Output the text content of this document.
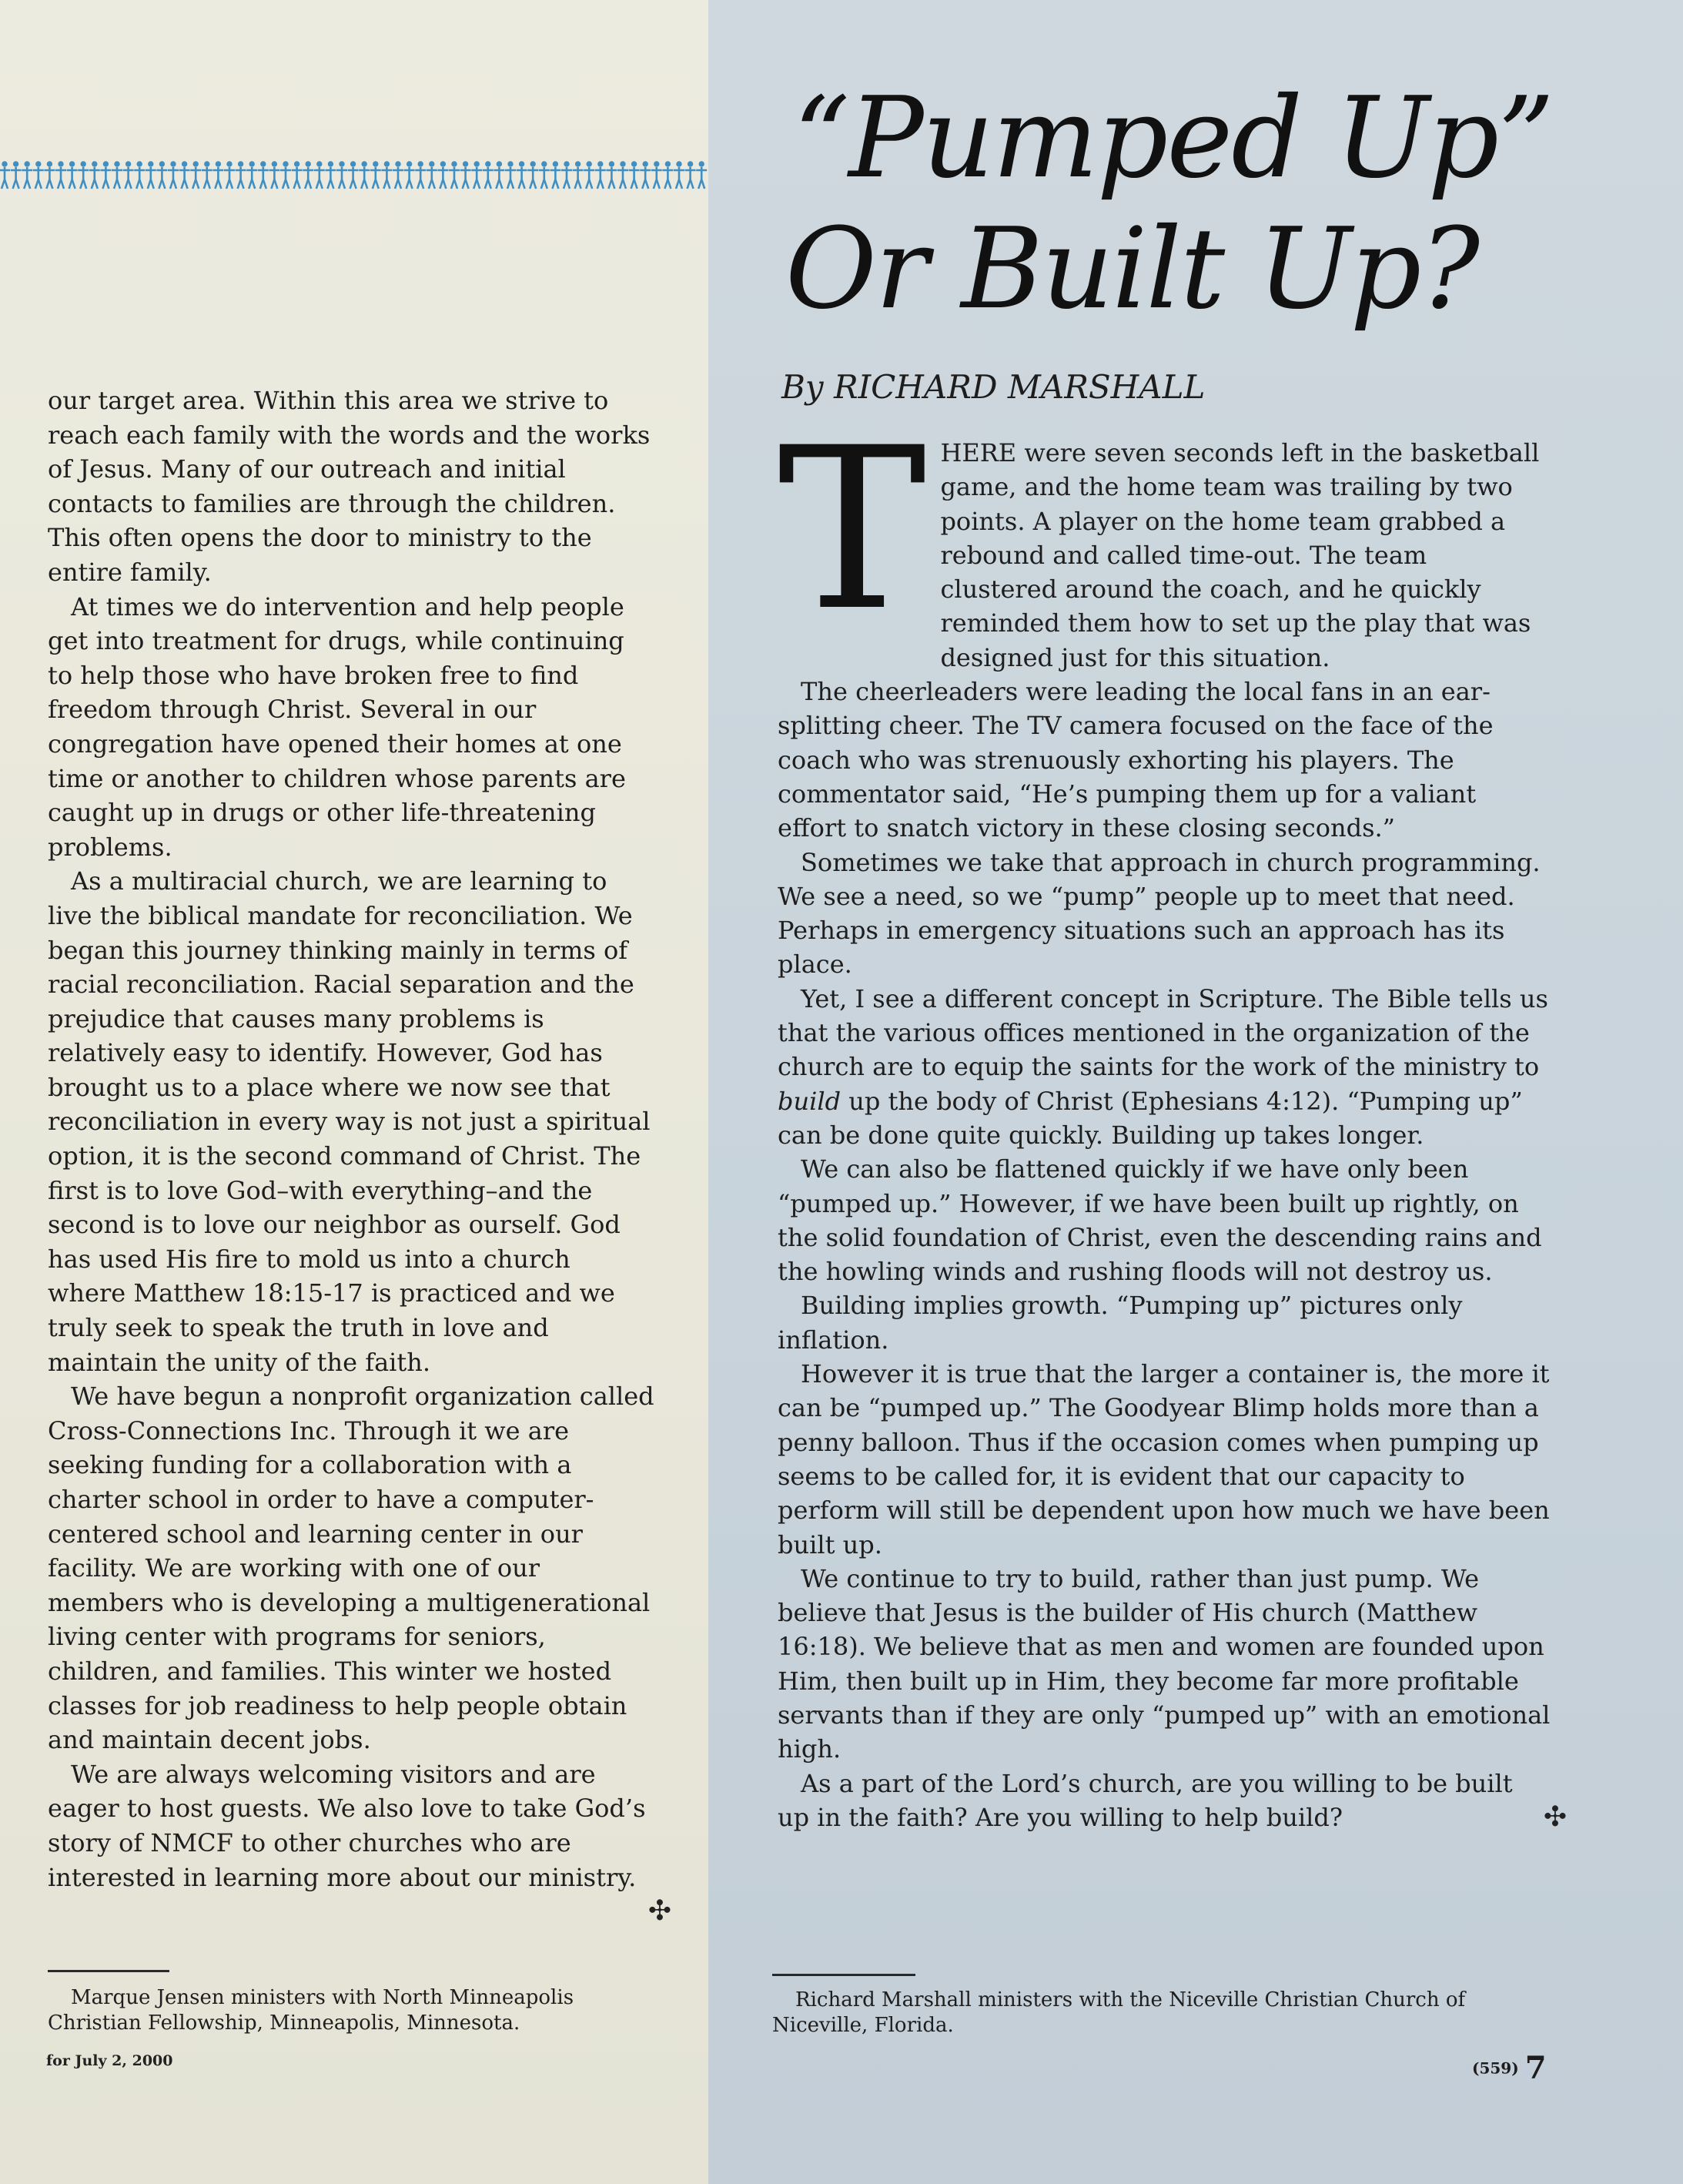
our target area. Within this area we strive to reach each family with the words and the works of Jesus. Many of our outreach and initial contacts to families are through the children. This often opens the door to ministry to the entire family.

At times we do intervention and help people get into treatment for drugs, while continuing to help those who have broken free to find freedom through Christ. Several in our congregation have opened their homes at one time or another to children whose parents are caught up in drugs or other life-threatening problems.

As a multiracial church, we are learning to live the biblical mandate for reconciliation. We began this journey thinking mainly in terms of racial reconciliation. Racial separation and the prejudice that causes many problems is relatively easy to identify. However, God has brought us to a place where we now see that reconciliation in every way is not just a spiritual option, it is the second command of Christ. The first is to love God–with everything–and the second is to love our neighbor as ourself. God has used His fire to mold us into a church where Matthew 18:15-17 is practiced and we truly seek to speak the truth in love and maintain the unity of the faith.

We have begun a nonprofit organization called Cross-Connections Inc. Through it we are seeking funding for a collaboration with a charter school in order to have a computer-centered school and learning center in our facility. We are working with one of our members who is developing a multigenerational living center with programs for seniors, children, and families. This winter we hosted classes for job readiness to help people obtain and maintain decent jobs.

We are always welcoming visitors and are eager to host guests. We also love to take God’s story of NMCF to other churches who are interested in learning more about our ministry.
✣

Marque Jensen ministers with North Minneapolis Christian Fellowship, Minneapolis, Minnesota.
for July 2, 2000
“Pumped Up”
Or Built Up?
By RICHARD MARSHALL

THERE were seven seconds left in the basketball game, and the home team was trailing by two points. A player on the home team grabbed a rebound and called time-out. The team clustered around the coach, and he quickly reminded them how to set up the play that was designed just for this situation.

The cheerleaders were leading the local fans in an ear-splitting cheer. The TV camera focused on the face of the coach who was strenuously exhorting his players. The commentator said, “He’s pumping them up for a valiant effort to snatch victory in these closing seconds.”

Sometimes we take that approach in church programming. We see a need, so we “pump” people up to meet that need. Perhaps in emergency situations such an approach has its place.

Yet, I see a different concept in Scripture. The Bible tells us that the various offices mentioned in the organization of the church are to equip the saints for the work of the ministry to build up the body of Christ (Ephesians 4:12). “Pumping up” can be done quite quickly. Building up takes longer.

We can also be flattened quickly if we have only been “pumped up.” However, if we have been built up rightly, on the solid foundation of Christ, even the descending rains and the howling winds and rushing floods will not destroy us.

Building implies growth. “Pumping up” pictures only inflation.

However it is true that the larger a container is, the more it can be “pumped up.” The Goodyear Blimp holds more than a penny balloon. Thus if the occasion comes when pumping up seems to be called for, it is evident that our capacity to perform will still be dependent upon how much we have been built up.

We continue to try to build, rather than just pump. We believe that Jesus is the builder of His church (Matthew 16:18). We believe that as men and women are founded upon Him, then built up in Him, they become far more profitable servants than if they are only “pumped up” with an emotional high.

As a part of the Lord’s church, are you willing to be built up in the faith? Are you willing to help build?	✣

Richard Marshall ministers with the Niceville Christian Church of Niceville, Florida.
(559) 7
